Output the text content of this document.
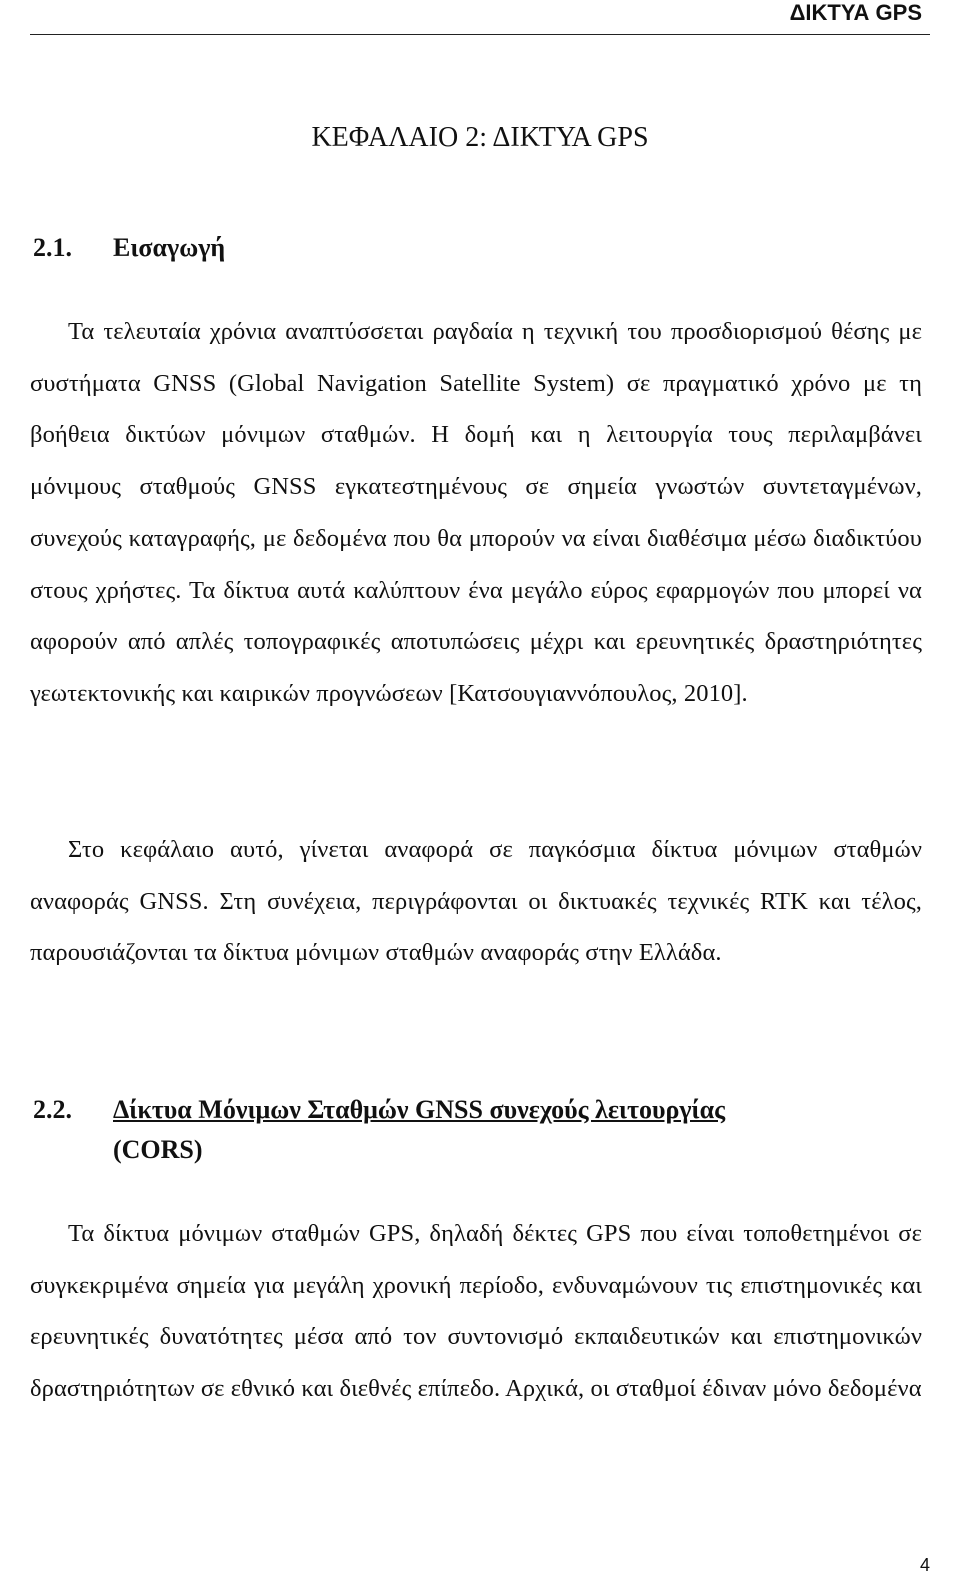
ΔΙΚΤΥΑ GPS
ΚΕΦΑΛΑΙΟ 2: ΔΙΚΤΥΑ GPS
2.1. Εισαγωγή

Τα τελευταία χρόνια αναπτύσσεται ραγδαία η τεχνική του προσδιορισμού θέσης με συστήματα GNSS (Global Navigation Satellite System) σε πραγματικό χρόνο με τη βοήθεια δικτύων μόνιμων σταθμών. Η δομή και η λειτουργία τους περιλαμβάνει μόνιμους σταθμούς GNSS εγκατεστημένους σε σημεία γνωστών συντεταγμένων, συνεχούς καταγραφής, με δεδομένα που θα μπορούν να είναι διαθέσιμα μέσω διαδικτύου στους χρήστες. Τα δίκτυα αυτά καλύπτουν ένα μεγάλο εύρος εφαρμογών που μπορεί να αφορούν από απλές τοπογραφικές αποτυπώσεις μέχρι και ερευνητικές δραστηριότητες γεωτεκτονικής και καιρικών προγνώσεων [Κατσουγιαννόπουλος, 2010].

Στο κεφάλαιο αυτό, γίνεται αναφορά σε παγκόσμια δίκτυα μόνιμων σταθμών αναφοράς GNSS. Στη συνέχεια, περιγράφονται οι δικτυακές τεχνικές RTK και τέλος, παρουσιάζονται τα δίκτυα μόνιμων σταθμών αναφοράς στην Ελλάδα.

2.2. Δίκτυα Μόνιμων Σταθμών GNSS συνεχούς λειτουργίας
(CORS)

Τα δίκτυα μόνιμων σταθμών GPS, δηλαδή δέκτες GPS που είναι τοποθετημένοι σε συγκεκριμένα σημεία για μεγάλη χρονική περίοδο, ενδυναμώνουν τις επιστημονικές και ερευνητικές δυνατότητες μέσα από τον συντονισμό εκπαιδευτικών και επιστημονικών δραστηριότητων σε εθνικό και διεθνές επίπεδο. Αρχικά, οι σταθμοί έδιναν μόνο δεδομένα

4
